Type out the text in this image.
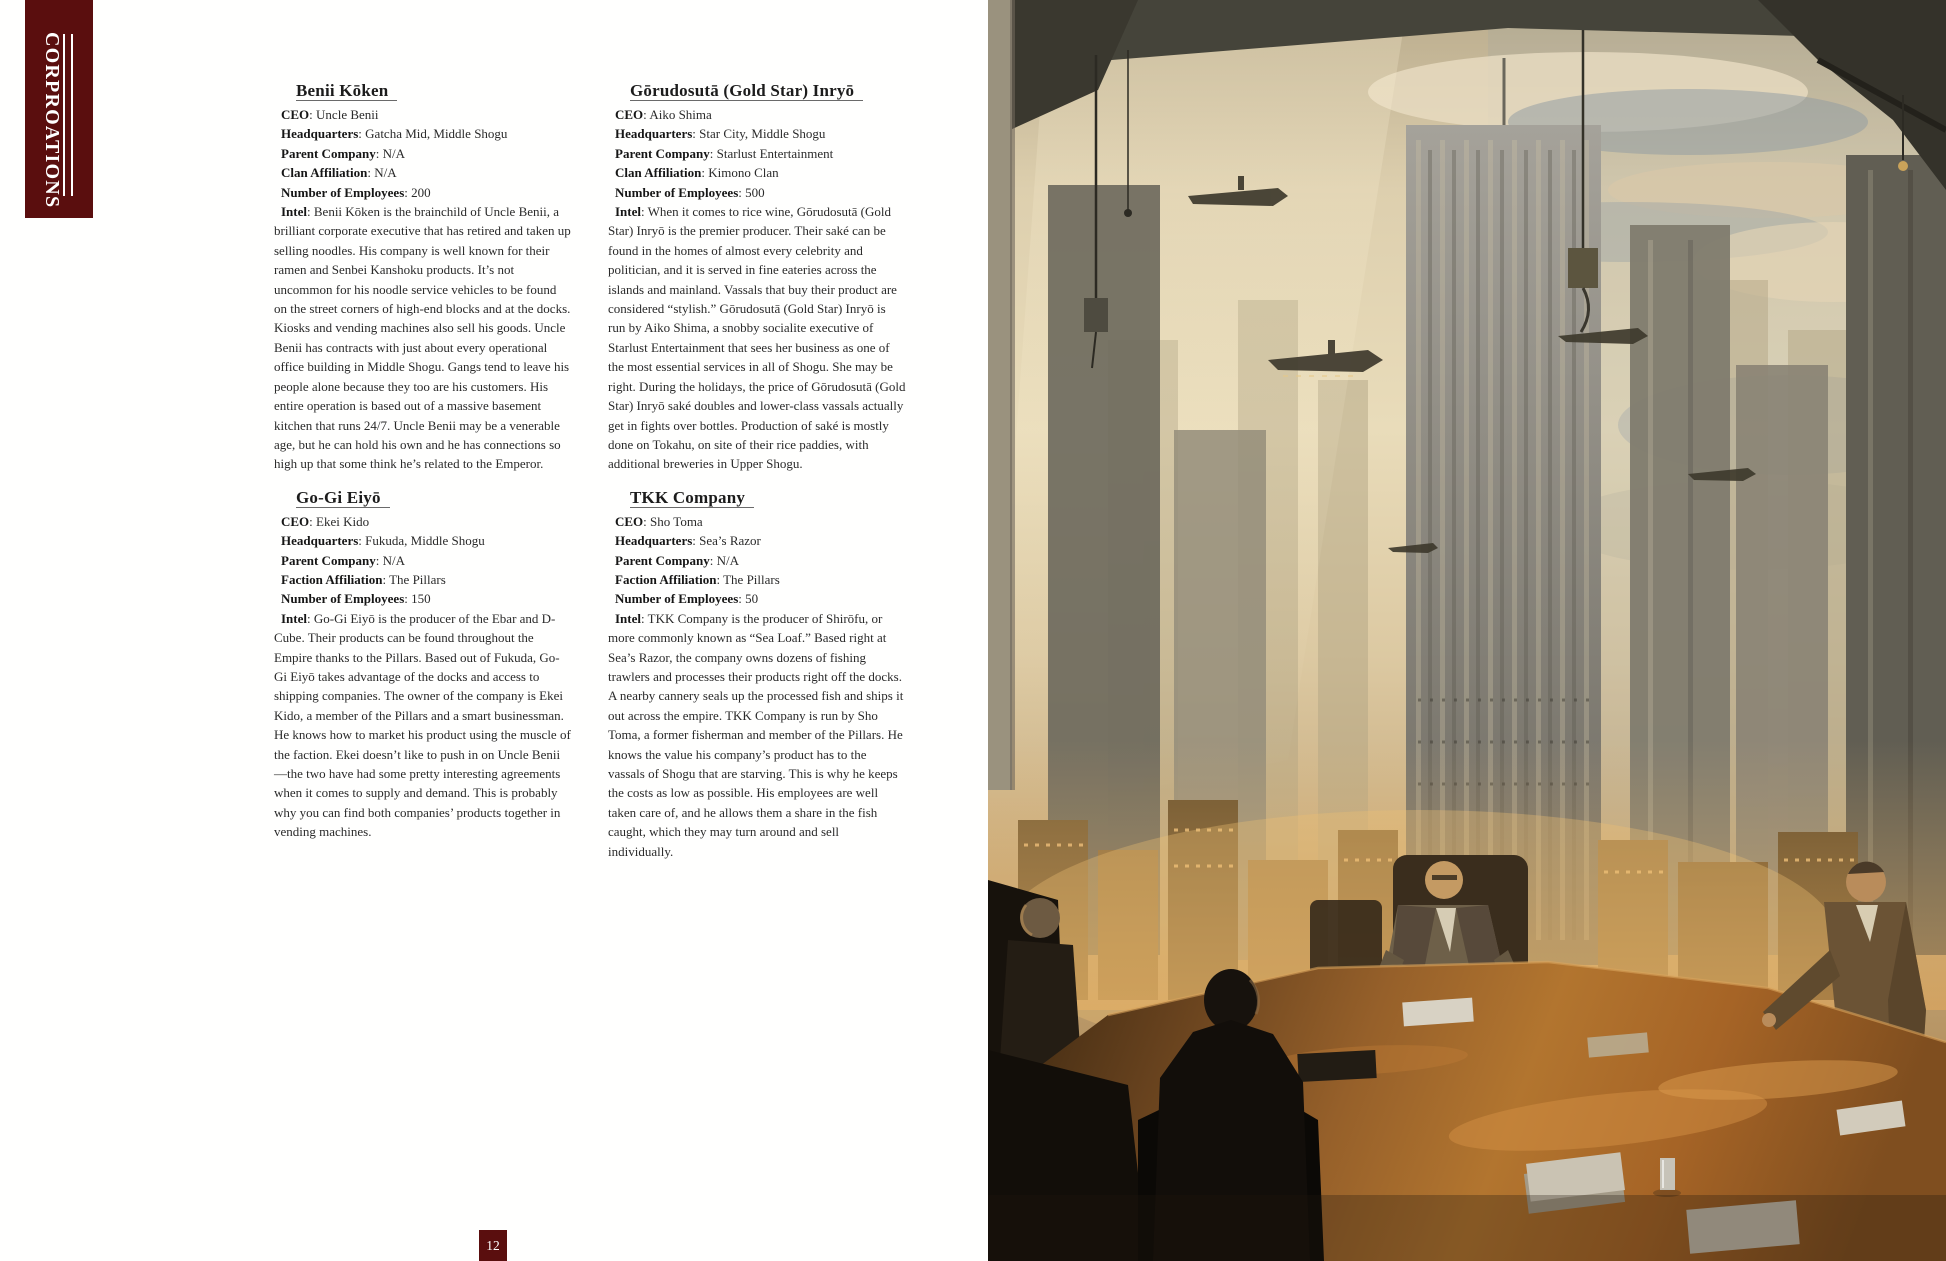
CORPROATIONS	Benii Kōken
CEO : Uncle Benii
Headquarters : Gatcha Mid, Middle Shogu
Parent Company : N/A
Clan Affiliation : N/A
Number of Employees : 200

Intel : Benii Kōken is the brainchild of Uncle Benii, a brilliant corporate executive that has retired and taken up selling noodles. His company is well known for their ramen and Senbei Kanshoku products. It’s not uncommon for his noodle service vehicles to be found on the street corners of high-end blocks and at the docks. Kiosks and vending machines also sell his goods. Uncle Benii has contracts with just about every operational office building in Middle Shogu. Gangs tend to leave his people alone because they too are his customers. His entire operation is based out of a massive basement kitchen that runs 24/7. Uncle Benii may be a venerable age, but he can hold his own and he has connections so high up that some think he’s related to the Emperor.

Gōrudosutā (Gold Star) Inryō
CEO : Aiko Shima
Headquarters : Star City, Middle Shogu
Parent Company : Starlust Entertainment
Clan Affiliation : Kimono Clan
Number of Employees : 500

Intel : When it comes to rice wine, Gōrudosutā (Gold Star) Inryō is the premier producer. Their saké can be found in the homes of almost every celebrity and politician, and it is served in fine eateries across the islands and mainland. Vassals that buy their product are considered “stylish.” Gōrudosutā (Gold Star) Inryō is run by Aiko Shima, a snobby socialite executive of Starlust Entertainment that sees her business as one of the most essential services in all of Shogu. She may be right. During the holidays, the price of Gōrudosutā (Gold Star) Inryō saké doubles and lower-class vassals actually get in fights over bottles. Production of saké is mostly done on Tokahu, on site of their rice paddies, with additional breweries in Upper Shogu.

Go-Gi Eiyō
CEO : Ekei Kido
Headquarters : Fukuda, Middle Shogu
Parent Company : N/A
Faction Affiliation : The Pillars
Number of Employees : 150

Intel : Go-Gi Eiyō is the producer of the Ebar and D-Cube. Their products can be found throughout the Empire thanks to the Pillars. Based out of Fukuda, Go-Gi Eiyō takes advantage of the docks and access to shipping companies. The owner of the company is Ekei Kido, a member of the Pillars and a smart businessman. He knows how to market his product using the muscle of the faction. Ekei doesn’t like to push in on Uncle Benii—the two have had some pretty interesting agreements when it comes to supply and demand. This is probably why you can find both companies’ products together in vending machines.

TKK Company
CEO : Sho Toma
Headquarters : Sea’s Razor
Parent Company : N/A
Faction Affiliation : The Pillars
Number of Employees : 50

Intel : TKK Company is the producer of Shirōfu, or more commonly known as “Sea Loaf.” Based right at Sea’s Razor, the company owns dozens of fishing trawlers and processes their products right off the docks. A nearby cannery seals up the processed fish and ships it out across the empire. TKK Company is run by Sho Toma, a former fisherman and member of the Pillars. He knows the value his company’s product has to the vassals of Shogu that are starving. This is why he keeps the costs as low as possible. His employees are well taken care of, and he allows them a share in the fish caught, which they may turn around and sell individually.

12
